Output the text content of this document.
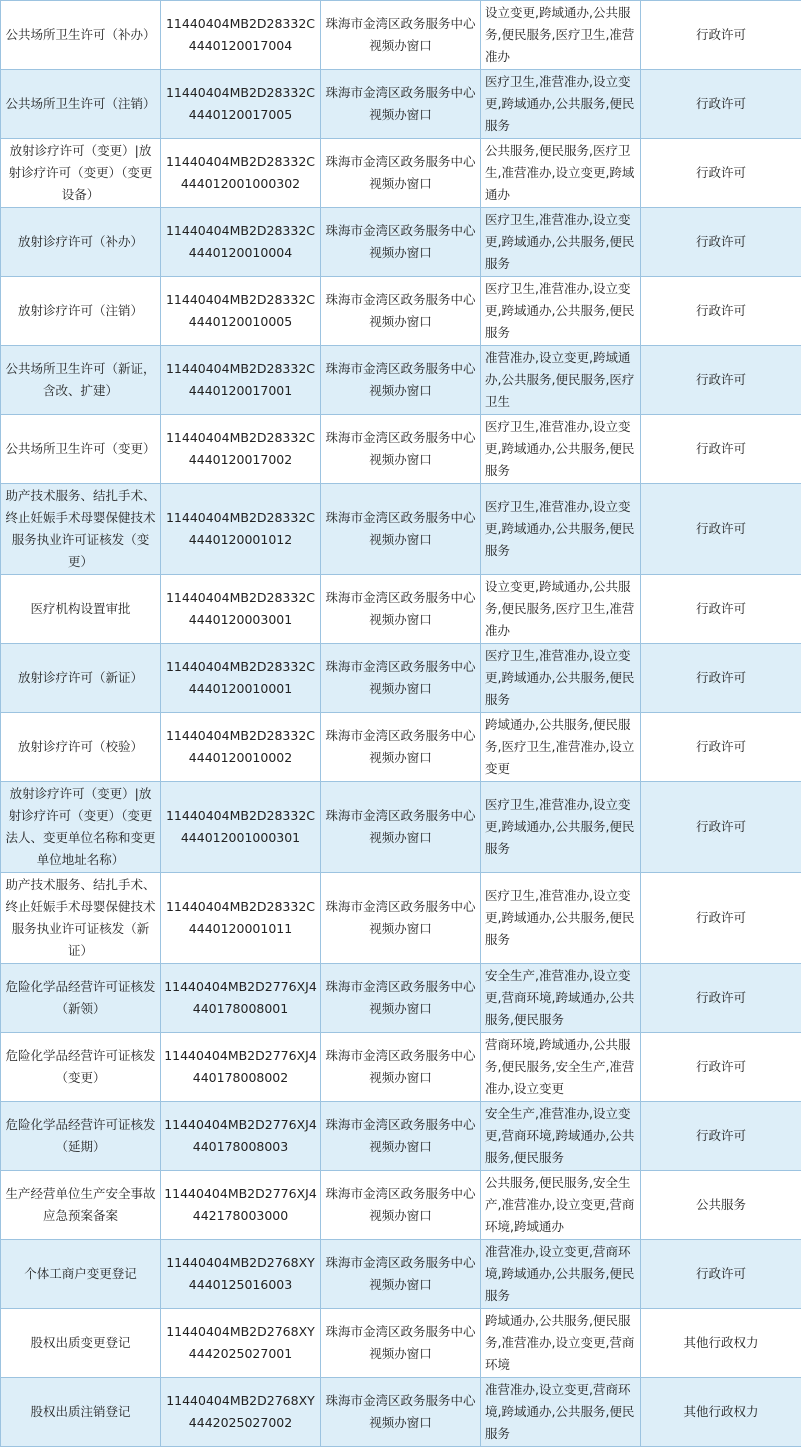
公共场所卫生许可（补办）	11440404MB2D28332C4440120017004	珠海市金湾区政务服务中心视频办窗口	设立变更,跨域通办,公共服务,便民服务,医疗卫生,准营准办	行政许可
公共场所卫生许可（注销）	11440404MB2D28332C4440120017005	珠海市金湾区政务服务中心视频办窗口	医疗卫生,准营准办,设立变更,跨域通办,公共服务,便民服务	行政许可
放射诊疗许可（变更）|放射诊疗许可（变更）（变更设备）	11440404MB2D28332C444012001000302	珠海市金湾区政务服务中心视频办窗口	公共服务,便民服务,医疗卫生,准营准办,设立变更,跨域通办	行政许可
放射诊疗许可（补办）	11440404MB2D28332C4440120010004	珠海市金湾区政务服务中心视频办窗口	医疗卫生,准营准办,设立变更,跨域通办,公共服务,便民服务	行政许可
放射诊疗许可（注销）	11440404MB2D28332C4440120010005	珠海市金湾区政务服务中心视频办窗口	医疗卫生,准营准办,设立变更,跨域通办,公共服务,便民服务	行政许可
公共场所卫生许可（新证，含改、扩建）	11440404MB2D28332C4440120017001	珠海市金湾区政务服务中心视频办窗口	准营准办,设立变更,跨域通办,公共服务,便民服务,医疗卫生	行政许可
公共场所卫生许可（变更）	11440404MB2D28332C4440120017002	珠海市金湾区政务服务中心视频办窗口	医疗卫生,准营准办,设立变更,跨域通办,公共服务,便民服务	行政许可
助产技术服务、结扎手术、终止妊娠手术母婴保健技术服务执业许可证核发（变更）	11440404MB2D28332C4440120001012	珠海市金湾区政务服务中心视频办窗口	医疗卫生,准营准办,设立变更,跨域通办,公共服务,便民服务	行政许可
医疗机构设置审批	11440404MB2D28332C4440120003001	珠海市金湾区政务服务中心视频办窗口	设立变更,跨域通办,公共服务,便民服务,医疗卫生,准营准办	行政许可
放射诊疗许可（新证）	11440404MB2D28332C4440120010001	珠海市金湾区政务服务中心视频办窗口	医疗卫生,准营准办,设立变更,跨域通办,公共服务,便民服务	行政许可
放射诊疗许可（校验）	11440404MB2D28332C4440120010002	珠海市金湾区政务服务中心视频办窗口	跨域通办,公共服务,便民服务,医疗卫生,准营准办,设立变更	行政许可
放射诊疗许可（变更）|放射诊疗许可（变更）（变更法人、变更单位名称和变更单位地址名称）	11440404MB2D28332C444012001000301	珠海市金湾区政务服务中心视频办窗口	医疗卫生,准营准办,设立变更,跨域通办,公共服务,便民服务	行政许可
助产技术服务、结扎手术、终止妊娠手术母婴保健技术服务执业许可证核发（新证）	11440404MB2D28332C4440120001011	珠海市金湾区政务服务中心视频办窗口	医疗卫生,准营准办,设立变更,跨域通办,公共服务,便民服务	行政许可
危险化学品经营许可证核发（新领）	11440404MB2D2776XJ4440178008001	珠海市金湾区政务服务中心视频办窗口	安全生产,准营准办,设立变更,营商环境,跨域通办,公共服务,便民服务	行政许可
危险化学品经营许可证核发（变更）	11440404MB2D2776XJ4440178008002	珠海市金湾区政务服务中心视频办窗口	营商环境,跨域通办,公共服务,便民服务,安全生产,准营准办,设立变更	行政许可
危险化学品经营许可证核发（延期）	11440404MB2D2776XJ4440178008003	珠海市金湾区政务服务中心视频办窗口	安全生产,准营准办,设立变更,营商环境,跨域通办,公共服务,便民服务	行政许可
生产经营单位生产安全事故应急预案备案	11440404MB2D2776XJ4442178003000	珠海市金湾区政务服务中心视频办窗口	公共服务,便民服务,安全生产,准营准办,设立变更,营商环境,跨域通办	公共服务
个体工商户变更登记	11440404MB2D2768XY4440125016003	珠海市金湾区政务服务中心视频办窗口	准营准办,设立变更,营商环境,跨域通办,公共服务,便民服务	行政许可
股权出质变更登记	11440404MB2D2768XY4442025027001	珠海市金湾区政务服务中心视频办窗口	跨域通办,公共服务,便民服务,准营准办,设立变更,营商环境	其他行政权力
股权出质注销登记	11440404MB2D2768XY4442025027002	珠海市金湾区政务服务中心视频办窗口	准营准办,设立变更,营商环境,跨域通办,公共服务,便民服务	其他行政权力
